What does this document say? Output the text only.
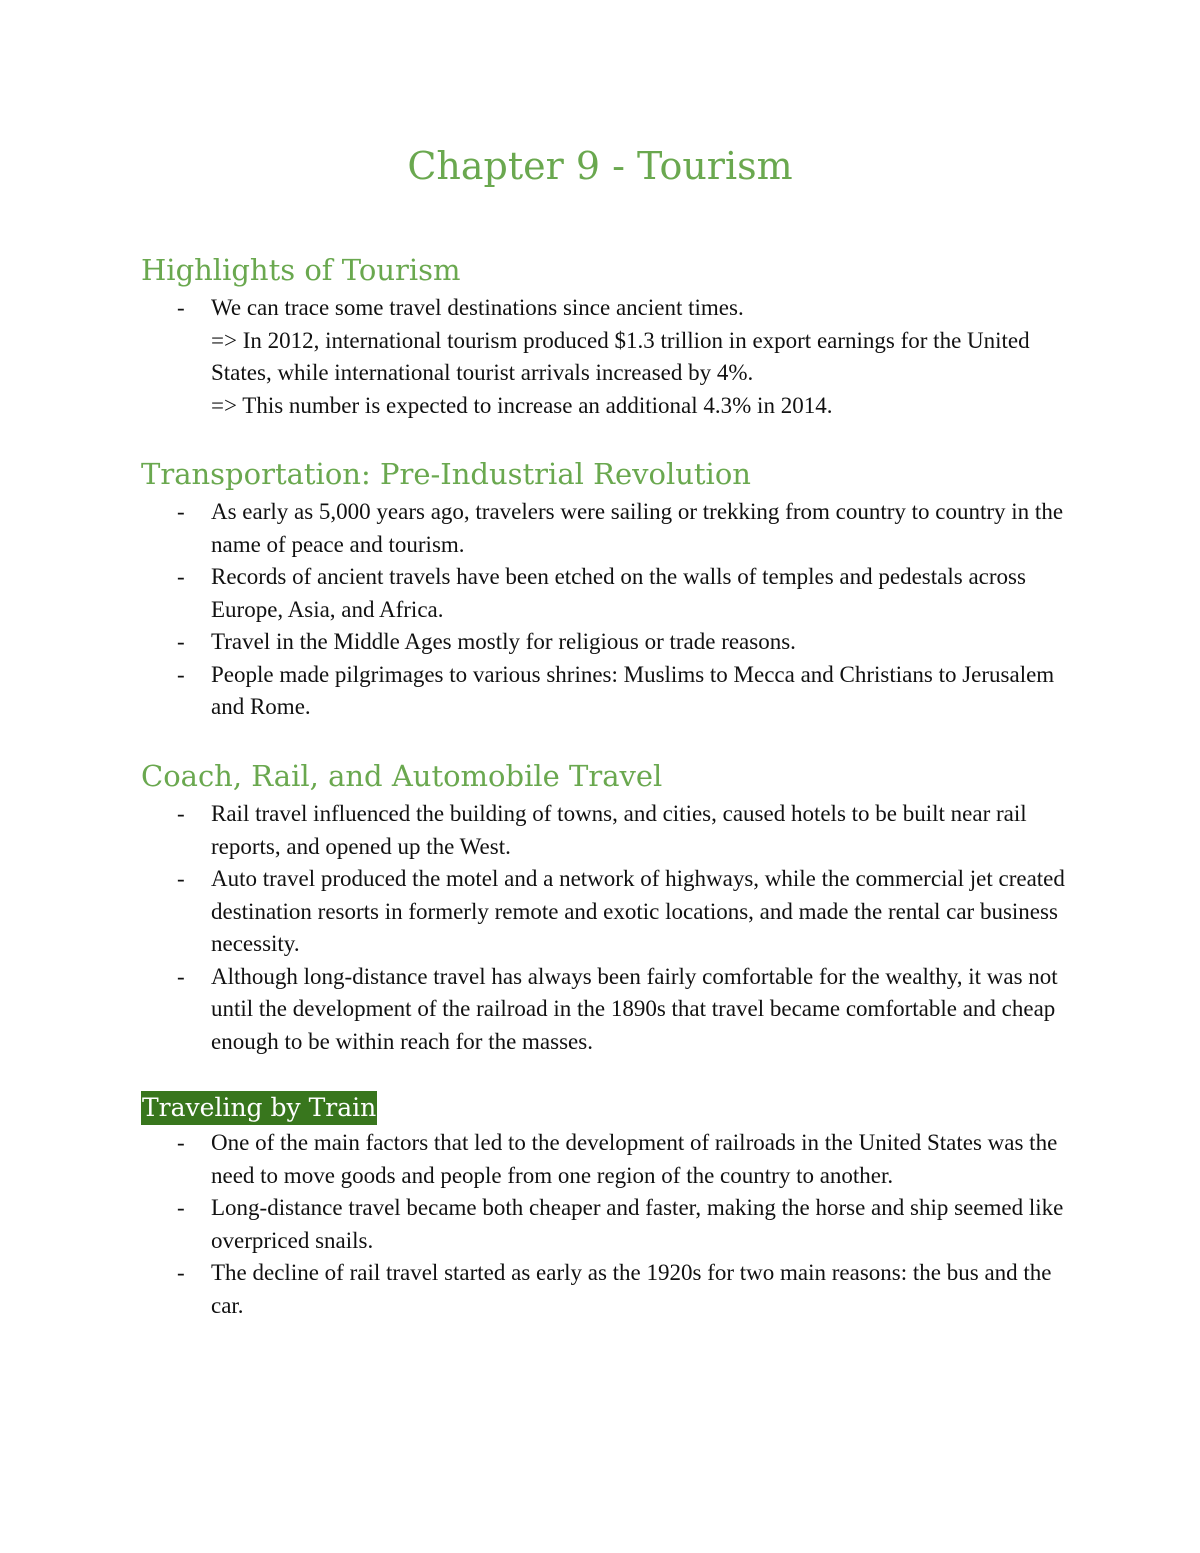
Chapter 9 - Tourism
Highlights of Tourism
- We can trace some travel destinations since ancient times.
=> In 2012, international tourism produced $1.3 trillion in export earnings for the United States, while international tourist arrivals increased by 4%.
=> This number is expected to increase an additional 4.3% in 2014.
Transportation: Pre-Industrial Revolution
- As early as 5,000 years ago, travelers were sailing or trekking from country to country in the name of peace and tourism.
- Records of ancient travels have been etched on the walls of temples and pedestals across Europe, Asia, and Africa.
- Travel in the Middle Ages mostly for religious or trade reasons.
- People made pilgrimages to various shrines: Muslims to Mecca and Christians to Jerusalem and Rome.
Coach, Rail, and Automobile Travel
- Rail travel influenced the building of towns, and cities, caused hotels to be built near rail reports, and opened up the West.
- Auto travel produced the motel and a network of highways, while the commercial jet created destination resorts in formerly remote and exotic locations, and made the rental car business necessity.
- Although long-distance travel has always been fairly comfortable for the wealthy, it was not until the development of the railroad in the 1890s that travel became comfortable and cheap enough to be within reach for the masses.
Traveling by Train
- One of the main factors that led to the development of railroads in the United States was the need to move goods and people from one region of the country to another.
- Long-distance travel became both cheaper and faster, making the horse and ship seemed like overpriced snails.
- The decline of rail travel started as early as the 1920s for two main reasons: the bus and the car.
